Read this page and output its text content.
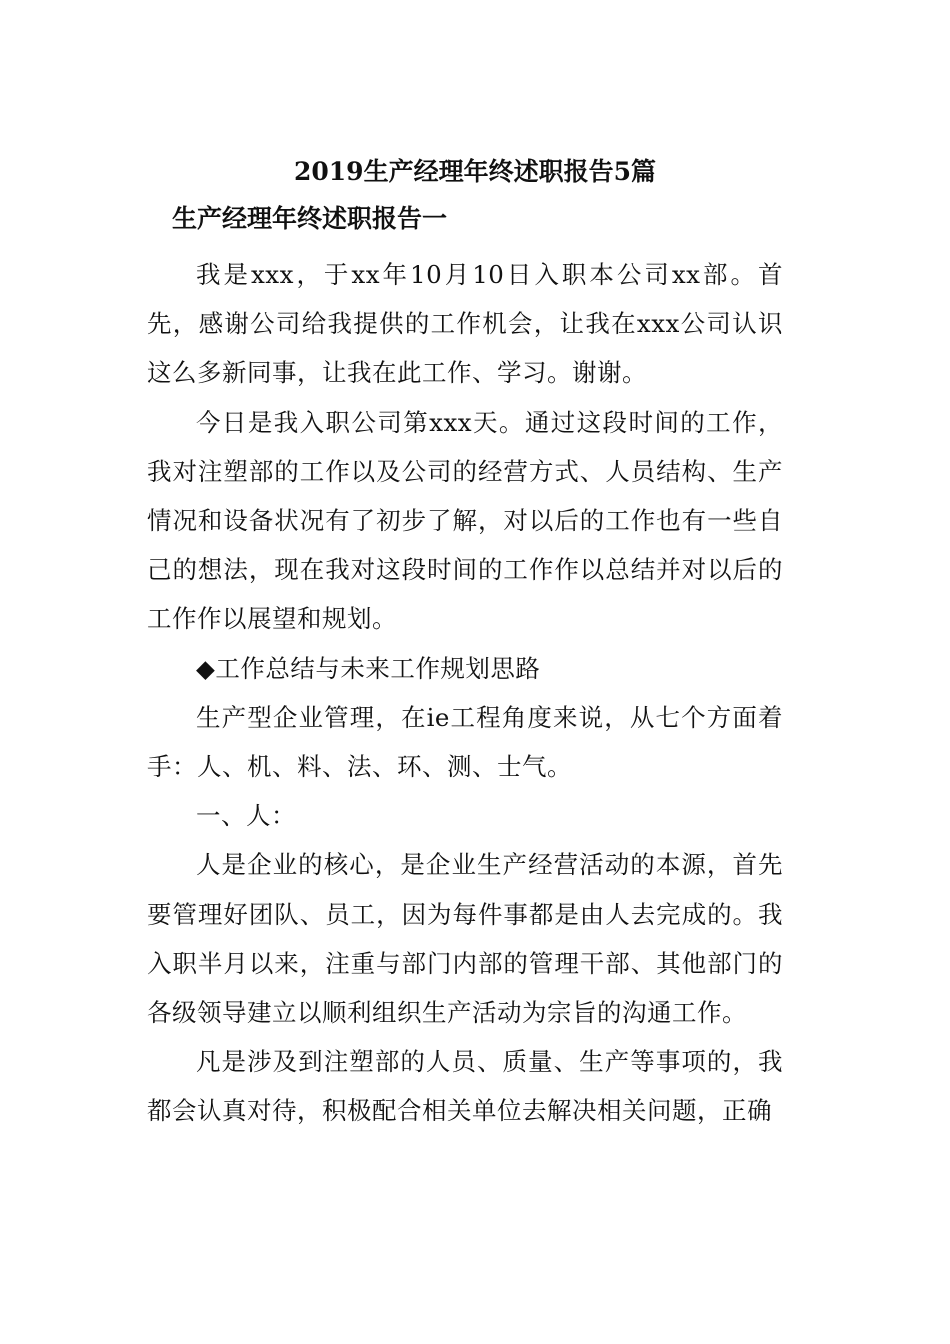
2019生产经理年终述职报告5篇
生产经理年终述职报告一

我是xxx，于xx年10月10日入职本公司xx部。首先，感谢公司给我提供的工作机会，让我在xxx公司认识这么多新同事，让我在此工作、学习。谢谢。

今日是我入职公司第xxx天。通过这段时间的工作，我对注塑部的工作以及公司的经营方式、人员结构、生产情况和设备状况有了初步了解，对以后的工作也有一些自己的想法，现在我对这段时间的工作作以总结并对以后的工作作以展望和规划。

◆工作总结与未来工作规划思路

生产型企业管理，在ie工程角度来说，从七个方面着手：人、机、料、法、环、测、士气。

一、人：

人是企业的核心，是企业生产经营活动的本源，首先要管理好团队、员工，因为每件事都是由人去完成的。我入职半月以来，注重与部门内部的管理干部、其他部门的各级领导建立以顺利组织生产活动为宗旨的沟通工作。

凡是涉及到注塑部的人员、质量、生产等事项的，我都会认真对待，积极配合相关单位去解决相关问题，正确
